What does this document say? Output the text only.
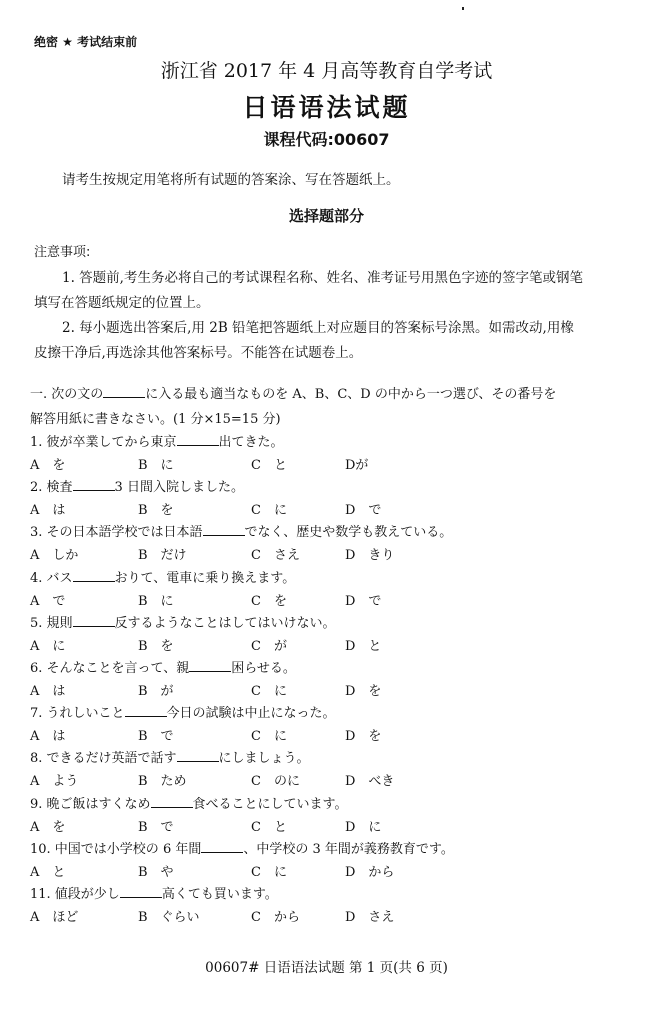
绝密 ★ 考试结束前
浙江省 2017 年 4 月高等教育自学考试
日语语法试题
课程代码:00607
请考生按规定用笔将所有试题的答案涂、写在答题纸上。
选择题部分
注意事项:
1. 答题前,考生务必将自己的考试课程名称、姓名、准考证号用黑色字迹的签字笔或钢笔
填写在答题纸规定的位置上。
2. 每小题选出答案后,用 2B 铅笔把答题纸上对应题目的答案标号涂黑。如需改动,用橡
皮擦干净后,再选涂其他答案标号。不能答在试题卷上。
一. 次の文の	に入る最も適当なものを A、B、C、D の中から一つ選び、その番号を
解答用紙に書きなさい。(1 分×15=15 分)
1. 彼が卒業してから東京	出てきた。
A　を	B　に	C　と	Dが
2. 検査	3 日間入院しました。
A　は	B　を	C　に	D　で
3. その日本語学校では日本語	でなく、歴史や数学も教えている。
A　しか	B　だけ	C　さえ	D　きり
4. バス	おりて、電車に乗り換えます。
A　で	B　に	C　を	D　で
5. 規則	反するようなことはしてはいけない。
A　に	B　を	C　が	D　と
6. そんなことを言って、親	困らせる。
A　は	B　が	C　に	D　を
7. うれしいこと	今日の試験は中止になった。
A　は	B　で	C　に	D　を
8. できるだけ英語で話す	にしましょう。
A　よう	B　ため	C　のに	D　べき
9. 晩ご飯はすくなめ	食べることにしています。
A　を	B　で	C　と	D　に
10. 中国では小学校の 6 年間	、中学校の 3 年間が義務教育です。
A　と	B　や	C　に	D　から
11. 値段が少し	高くても買います。
A　ほど	B　ぐらい	C　から	D　さえ
00607# 日语语法试题 第 1 页(共 6 页)
